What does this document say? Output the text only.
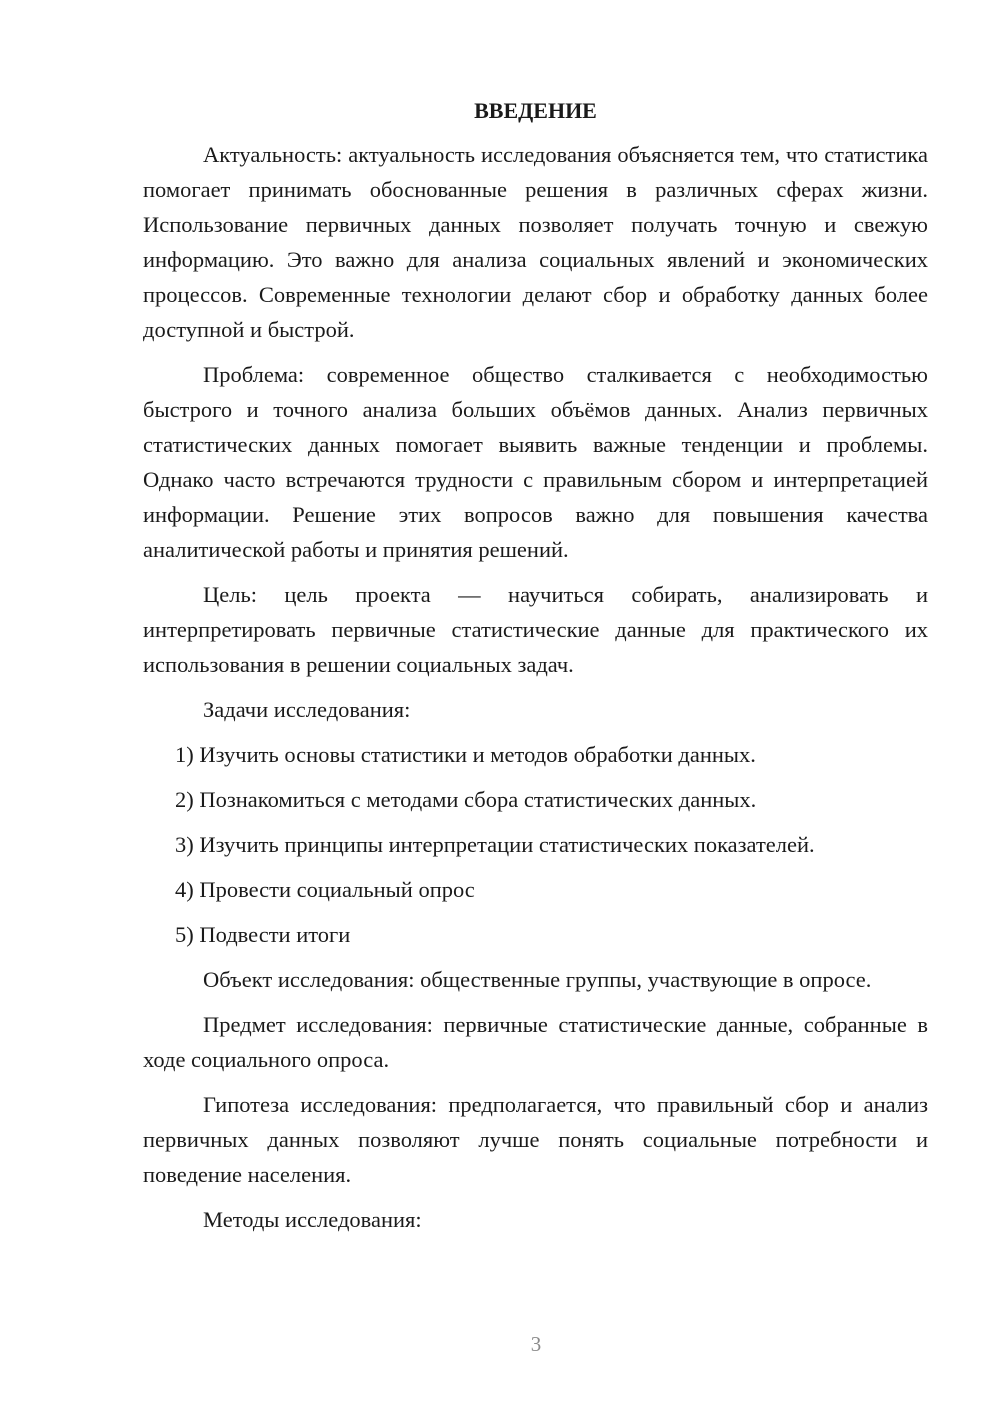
ВВЕДЕНИЕ

Актуальность: актуальность исследования объясняется тем, что статистика помогает принимать обоснованные решения в различных сферах жизни. Использование первичных данных позволяет получать точную и свежую информацию. Это важно для анализа социальных явлений и экономических процессов. Современные технологии делают сбор и обработку данных более доступной и быстрой.

Проблема: современное общество сталкивается с необходимостью быстрого и точного анализа больших объёмов данных. Анализ первичных статистических данных помогает выявить важные тенденции и проблемы. Однако часто встречаются трудности с правильным сбором и интерпретацией информации. Решение этих вопросов важно для повышения качества аналитической работы и принятия решений.

Цель: цель проекта — научиться собирать, анализировать и интерпретировать первичные статистические данные для практического их использования в решении социальных задач.

Задачи исследования:

1) Изучить основы статистики и методов обработки данных.
2) Познакомиться с методами сбора статистических данных.
3) Изучить принципы интерпретации статистических показателей.
4) Провести социальный опрос
5) Подвести итоги

Объект исследования: общественные группы, участвующие в опросе.

Предмет исследования: первичные статистические данные, собранные в ходе социального опроса.

Гипотеза исследования: предполагается, что правильный сбор и анализ первичных данных позволяют лучше понять социальные потребности и поведение населения.

Методы исследования:

3
